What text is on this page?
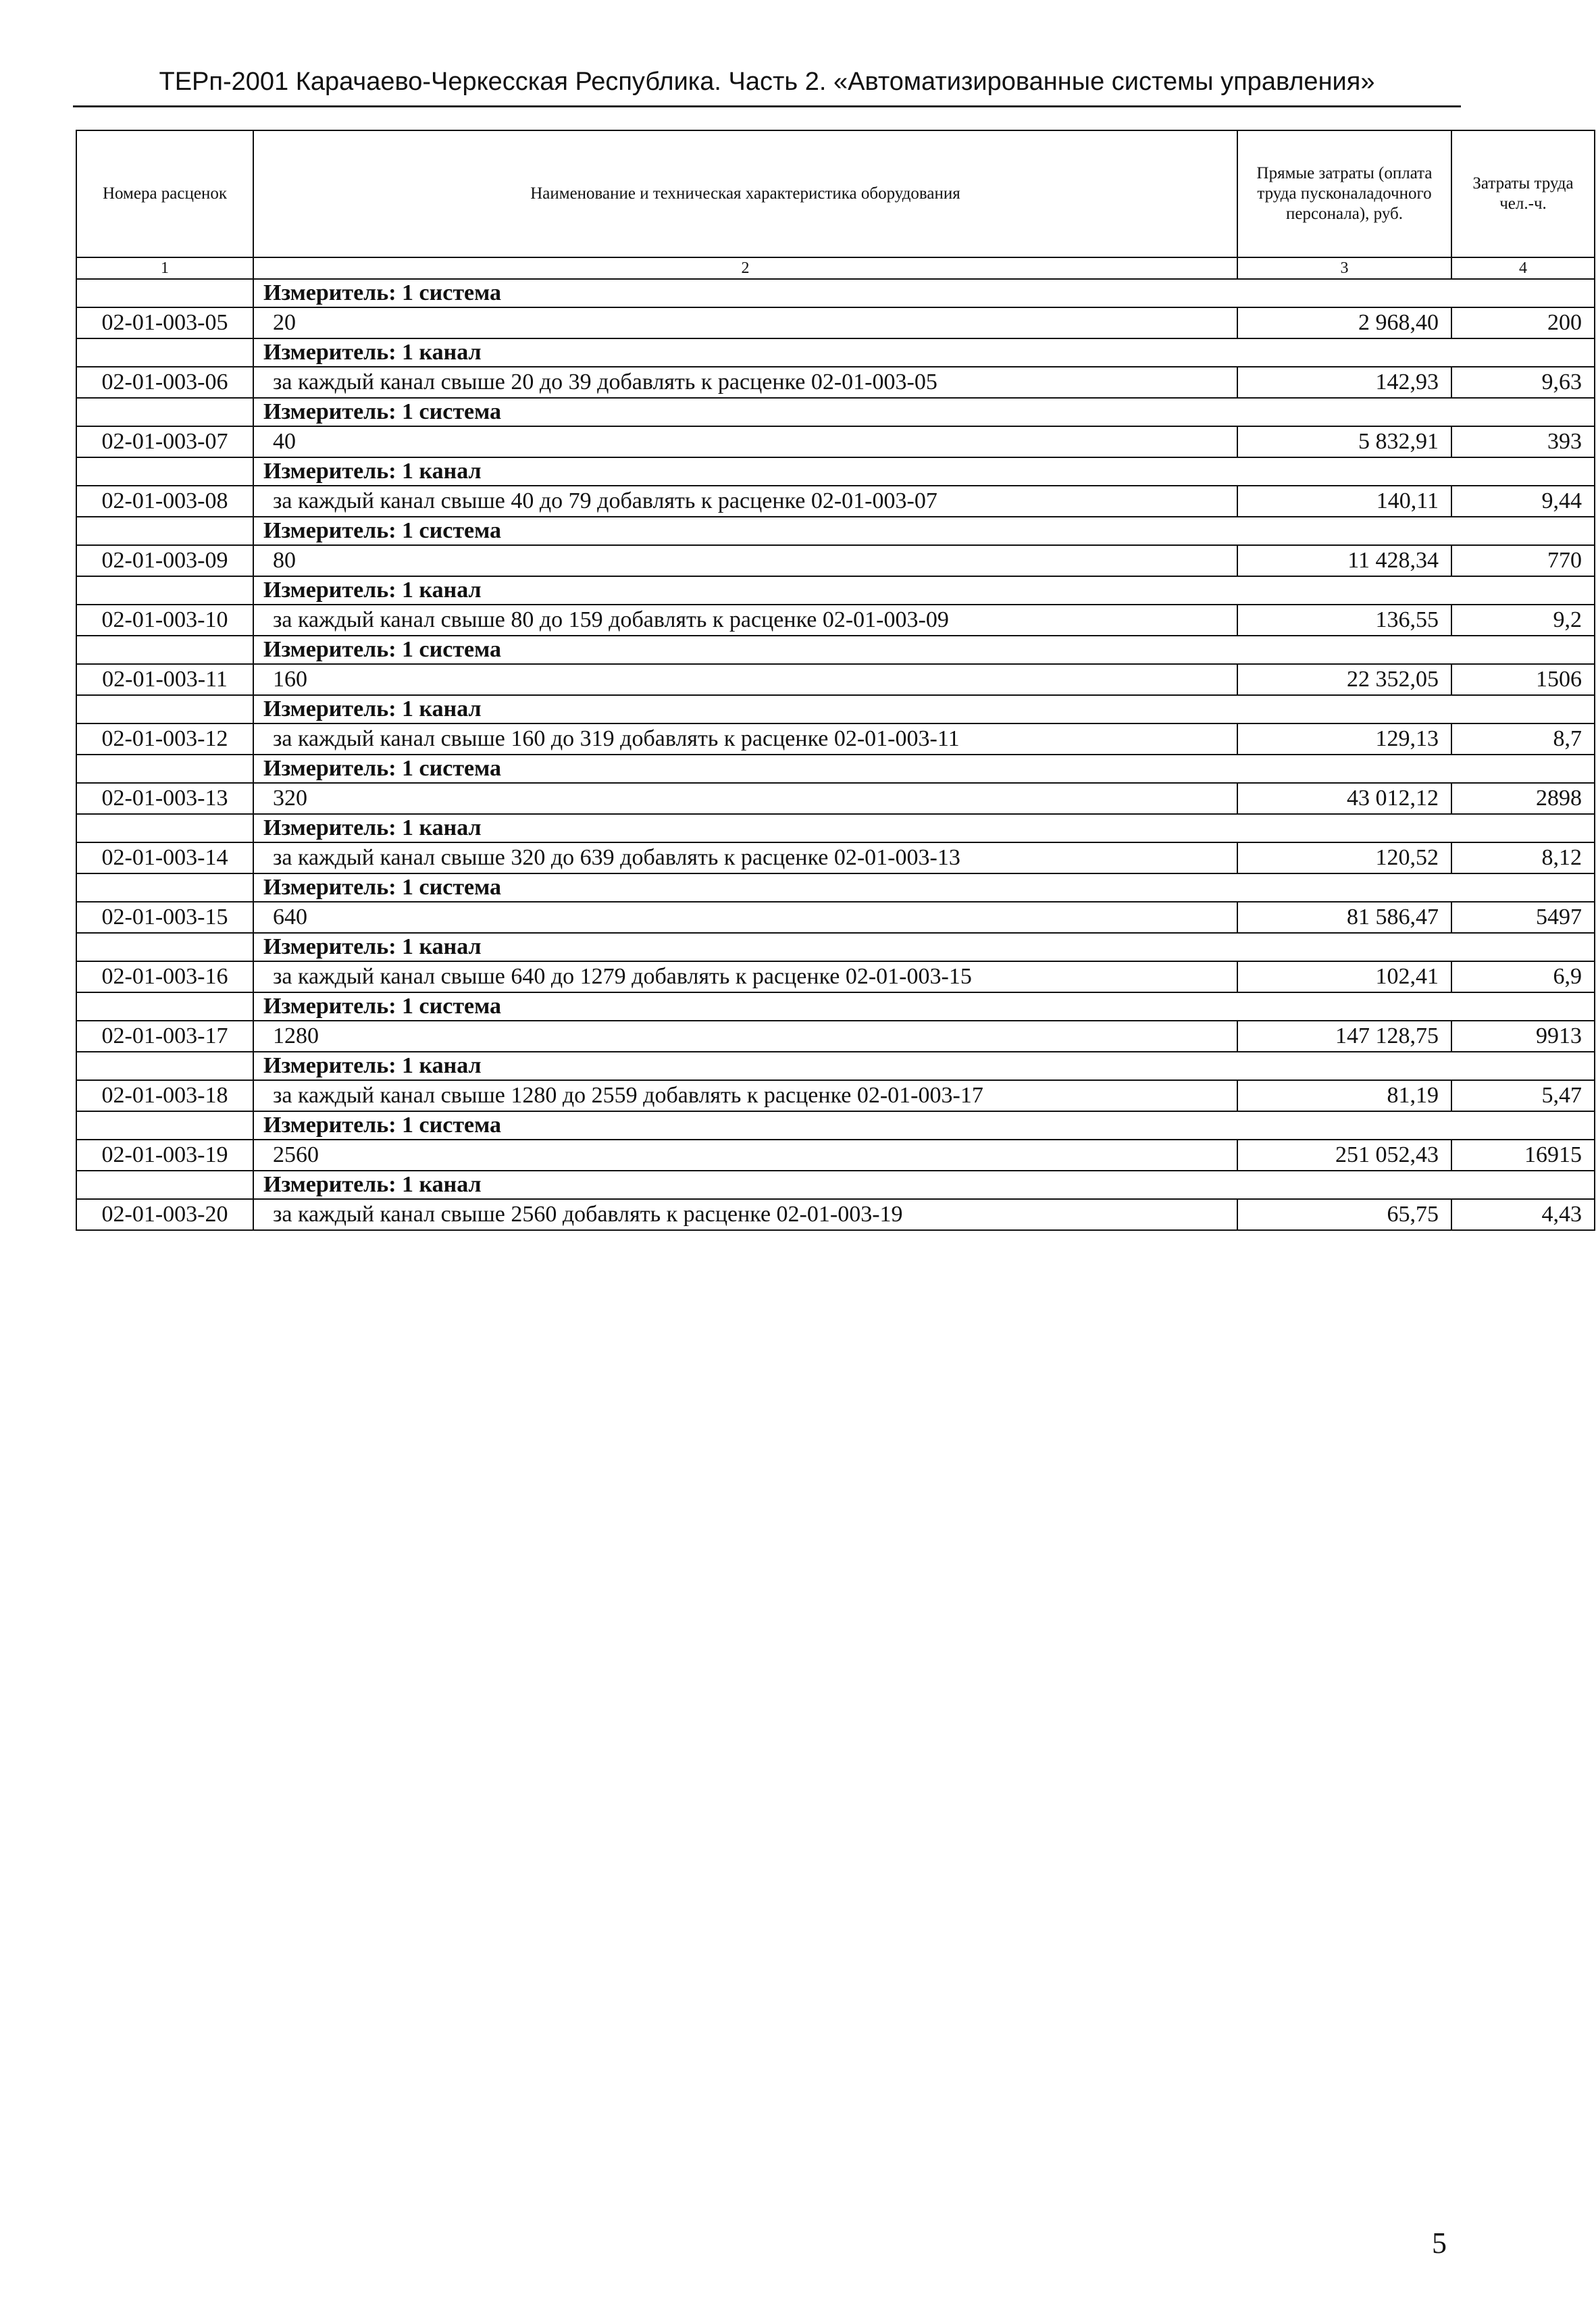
ТЕРп-2001 Карачаево-Черкесская Республика. Часть 2. «Автоматизированные системы управления»
Номера расценок	Наименование и техническая характеристика оборудования	Прямые затраты (оплата труда пусконаладочного персонала), руб.	Затраты труда чел.-ч.
1	2	3	4
	Измеритель: 1 система		
02-01-003-05	20	2 968,40	200
	Измеритель: 1 канал		
02-01-003-06	за каждый канал свыше 20 до 39 добавлять к расценке 02-01-003-05	142,93	9,63
	Измеритель: 1 система		
02-01-003-07	40	5 832,91	393
	Измеритель: 1 канал		
02-01-003-08	за каждый канал свыше 40 до 79 добавлять к расценке 02-01-003-07	140,11	9,44
	Измеритель: 1 система		
02-01-003-09	80	11 428,34	770
	Измеритель: 1 канал		
02-01-003-10	за каждый канал свыше 80 до 159 добавлять к расценке 02-01-003-09	136,55	9,2
	Измеритель: 1 система		
02-01-003-11	160	22 352,05	1506
	Измеритель: 1 канал		
02-01-003-12	за каждый канал свыше 160 до 319 добавлять к расценке 02-01-003-11	129,13	8,7
	Измеритель: 1 система		
02-01-003-13	320	43 012,12	2898
	Измеритель: 1 канал		
02-01-003-14	за каждый канал свыше 320 до 639 добавлять к расценке 02-01-003-13	120,52	8,12
	Измеритель: 1 система		
02-01-003-15	640	81 586,47	5497
	Измеритель: 1 канал		
02-01-003-16	за каждый канал свыше 640 до 1279 добавлять к расценке 02-01-003-15	102,41	6,9
	Измеритель: 1 система		
02-01-003-17	1280	147 128,75	9913
	Измеритель: 1 канал		
02-01-003-18	за каждый канал свыше 1280 до 2559 добавлять к расценке 02-01-003-17	81,19	5,47
	Измеритель: 1 система		
02-01-003-19	2560	251 052,43	16915
	Измеритель: 1 канал		
02-01-003-20	за каждый канал свыше 2560 добавлять к расценке 02-01-003-19	65,75	4,43
5
